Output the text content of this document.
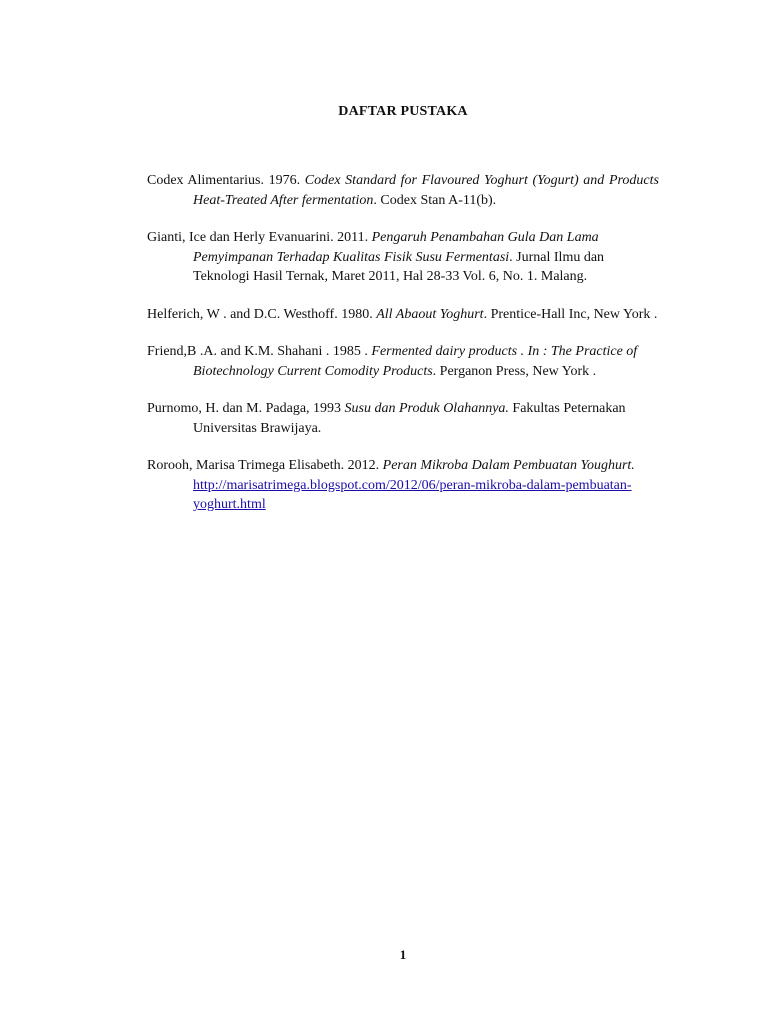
DAFTAR PUSTAKA

Codex Alimentarius. 1976. Codex Standard for Flavoured Yoghurt (Yogurt) and Products Heat-Treated After fermentation. Codex Stan A-11(b).

Gianti, Ice dan Herly Evanuarini. 2011. Pengaruh Penambahan Gula Dan Lama Pemyimpanan Terhadap Kualitas Fisik Susu Fermentasi. Jurnal Ilmu dan Teknologi Hasil Ternak, Maret 2011, Hal 28-33 Vol. 6, No. 1. Malang.

Helferich, W . and D.C. Westhoff. 1980. All Abaout Yoghurt. Prentice-Hall Inc, New York .

Friend,B .A. and K.M. Shahani . 1985 . Fermented dairy products . In : The Practice of Biotechnology Current Comodity Products. Perganon Press, New York .

Purnomo, H. dan M. Padaga, 1993 Susu dan Produk Olahannya. Fakultas Peternakan Universitas Brawijaya.

Rorooh, Marisa Trimega Elisabeth. 2012. Peran Mikroba Dalam Pembuatan Youghurt. http://marisatrimega.blogspot.com/2012/06/peran-mikroba-dalam-pembuatan-yoghurt.html

1
